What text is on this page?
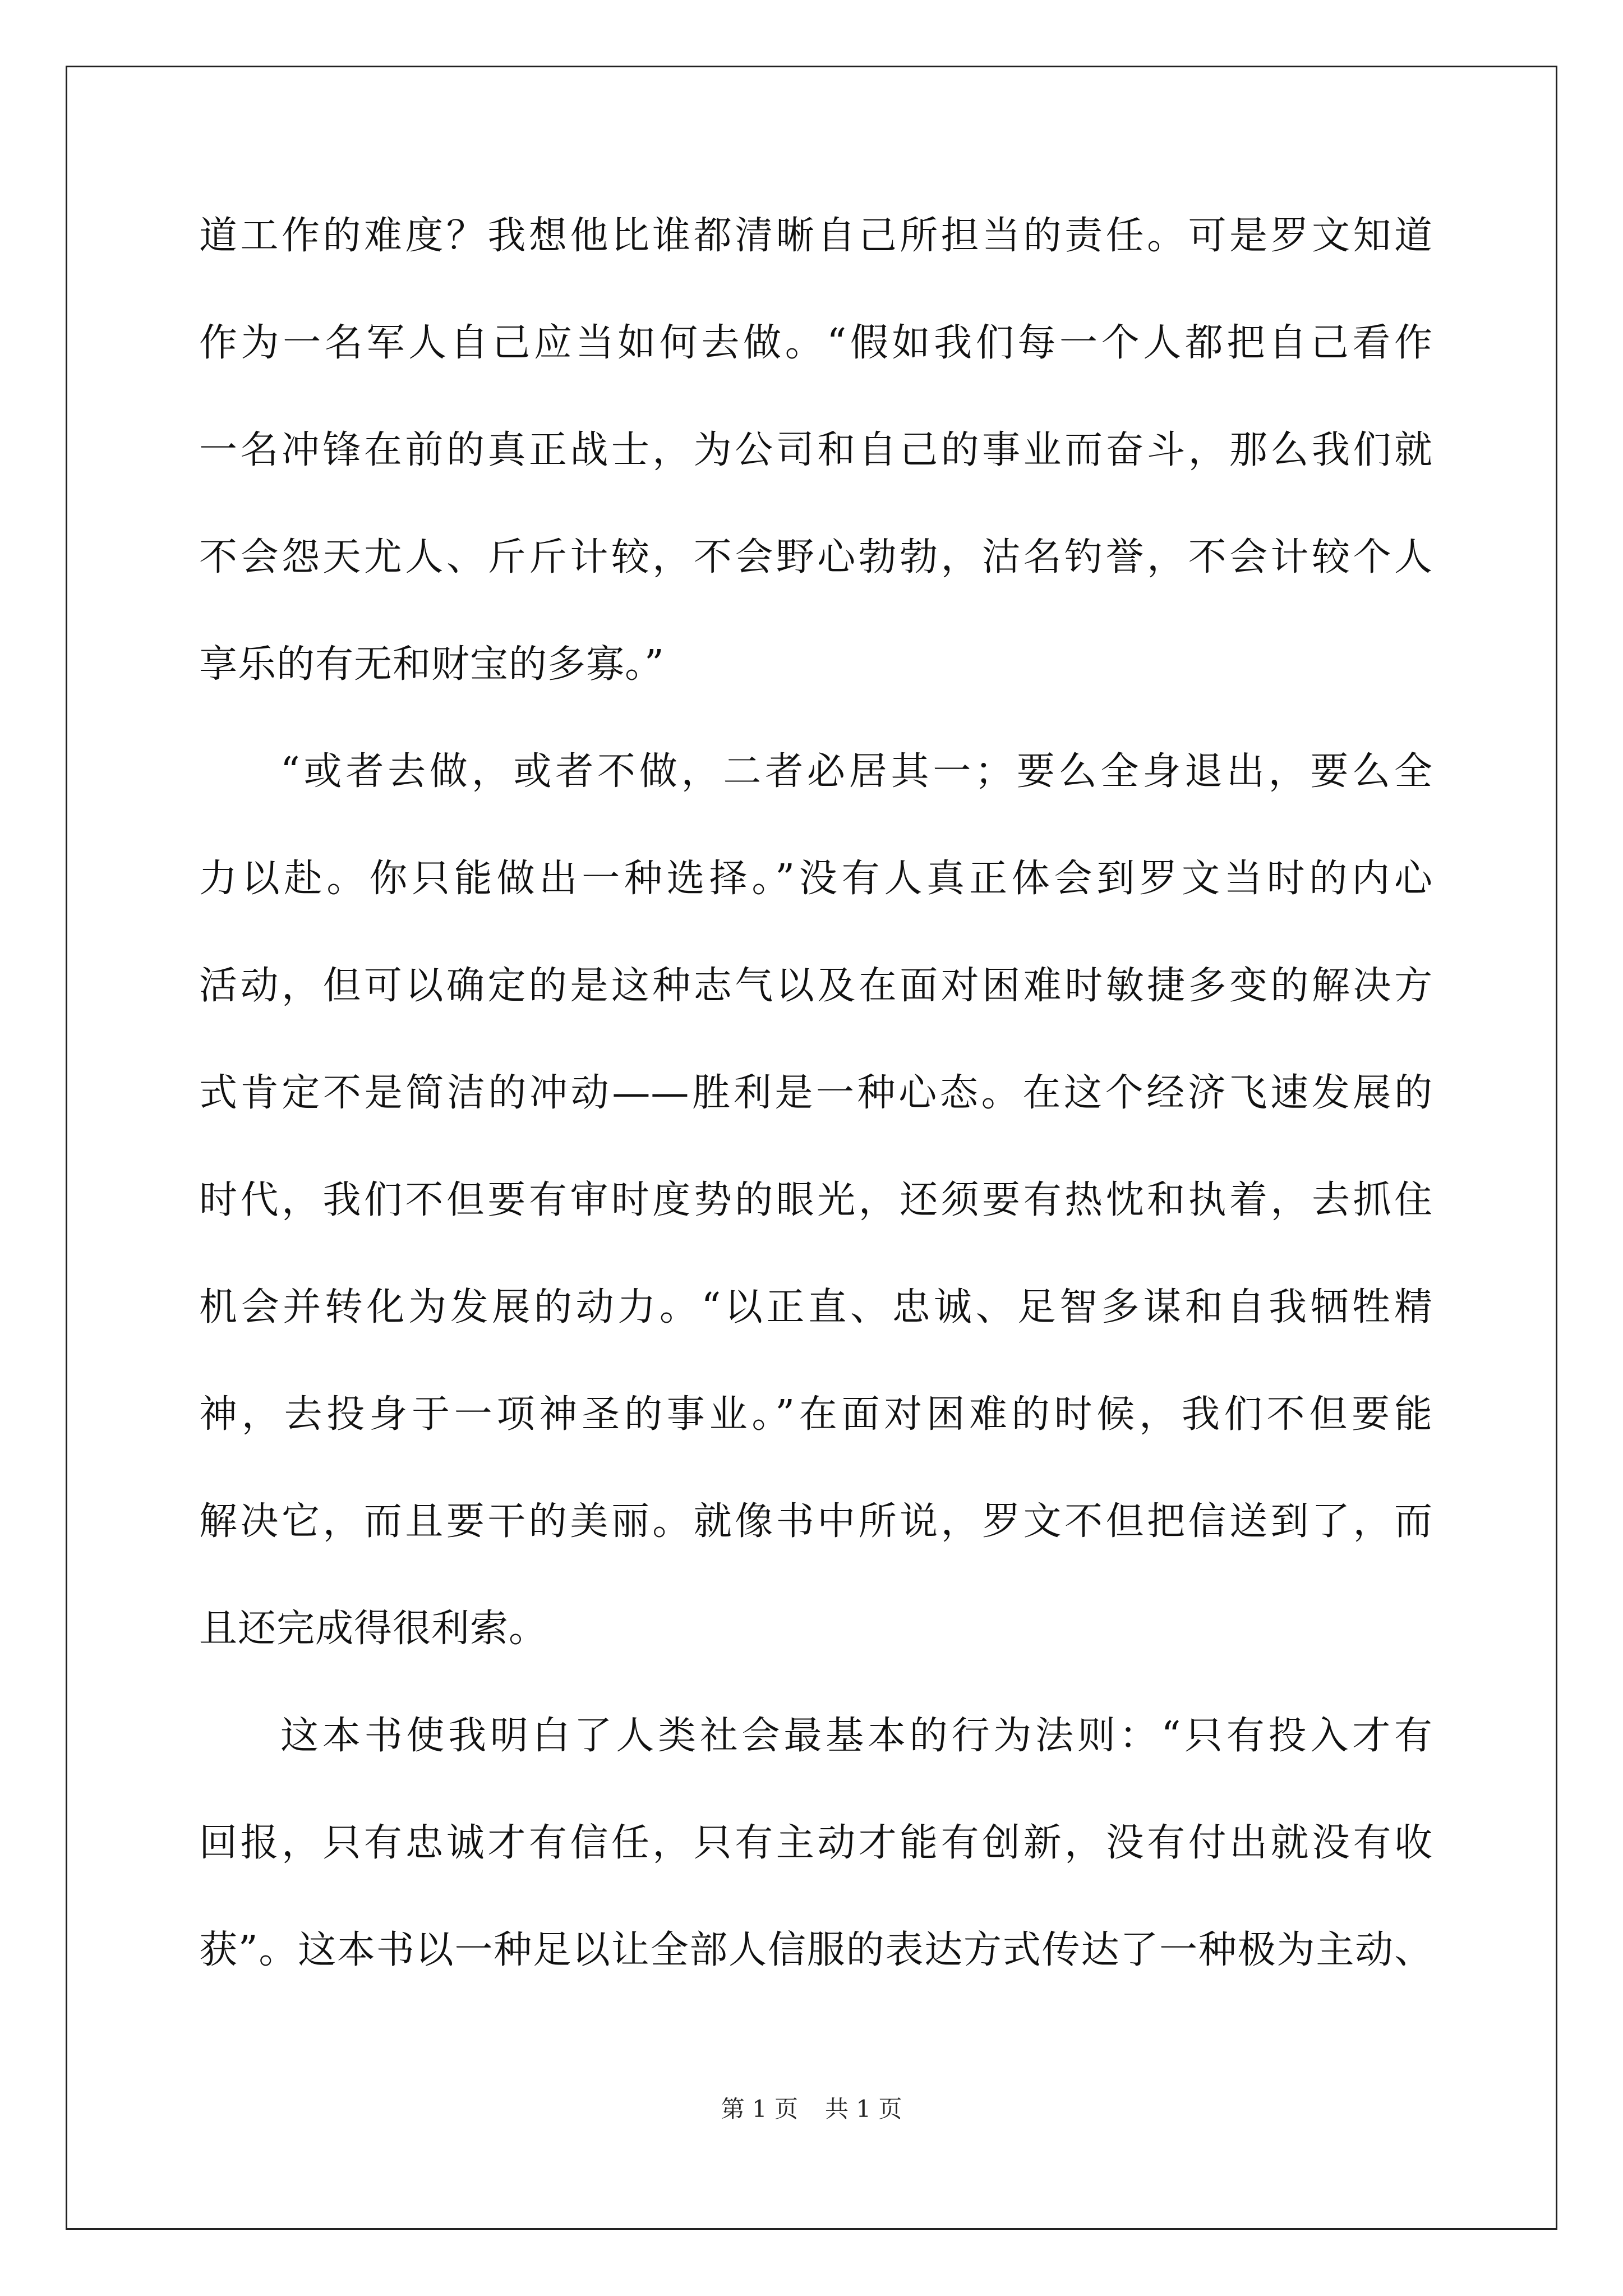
道工作的难度？我想他比谁都清晰自己所担当的责任。可是罗文知道
作为一名军人自己应当如何去做。“假如我们每一个人都把自己看作
一名冲锋在前的真正战士，为公司和自己的事业而奋斗，那么我们就
不会怨天尤人、斤斤计较，不会野心勃勃，沽名钓誉，不会计较个人
享乐的有无和财宝的多寡。”
“或者去做，或者不做，二者必居其一；要么全身退出，要么全
力以赴。你只能做出一种选择。”没有人真正体会到罗文当时的内心
活动，但可以确定的是这种志气以及在面对困难时敏捷多变的解决方
式肯定不是简洁的冲动——胜利是一种心态。在这个经济飞速发展的
时代，我们不但要有审时度势的眼光，还须要有热忱和执着，去抓住
机会并转化为发展的动力。“以正直、忠诚、足智多谋和自我牺牲精
神，去投身于一项神圣的事业。”在面对困难的时候，我们不但要能
解决它，而且要干的美丽。就像书中所说，罗文不但把信送到了，而
且还完成得很利索。
这本书使我明白了人类社会最基本的行为法则：“只有投入才有
回报，只有忠诚才有信任，只有主动才能有创新，没有付出就没有收
获”。这本书以一种足以让全部人信服的表达方式传达了一种极为主动、
第 1 页 共 1 页
